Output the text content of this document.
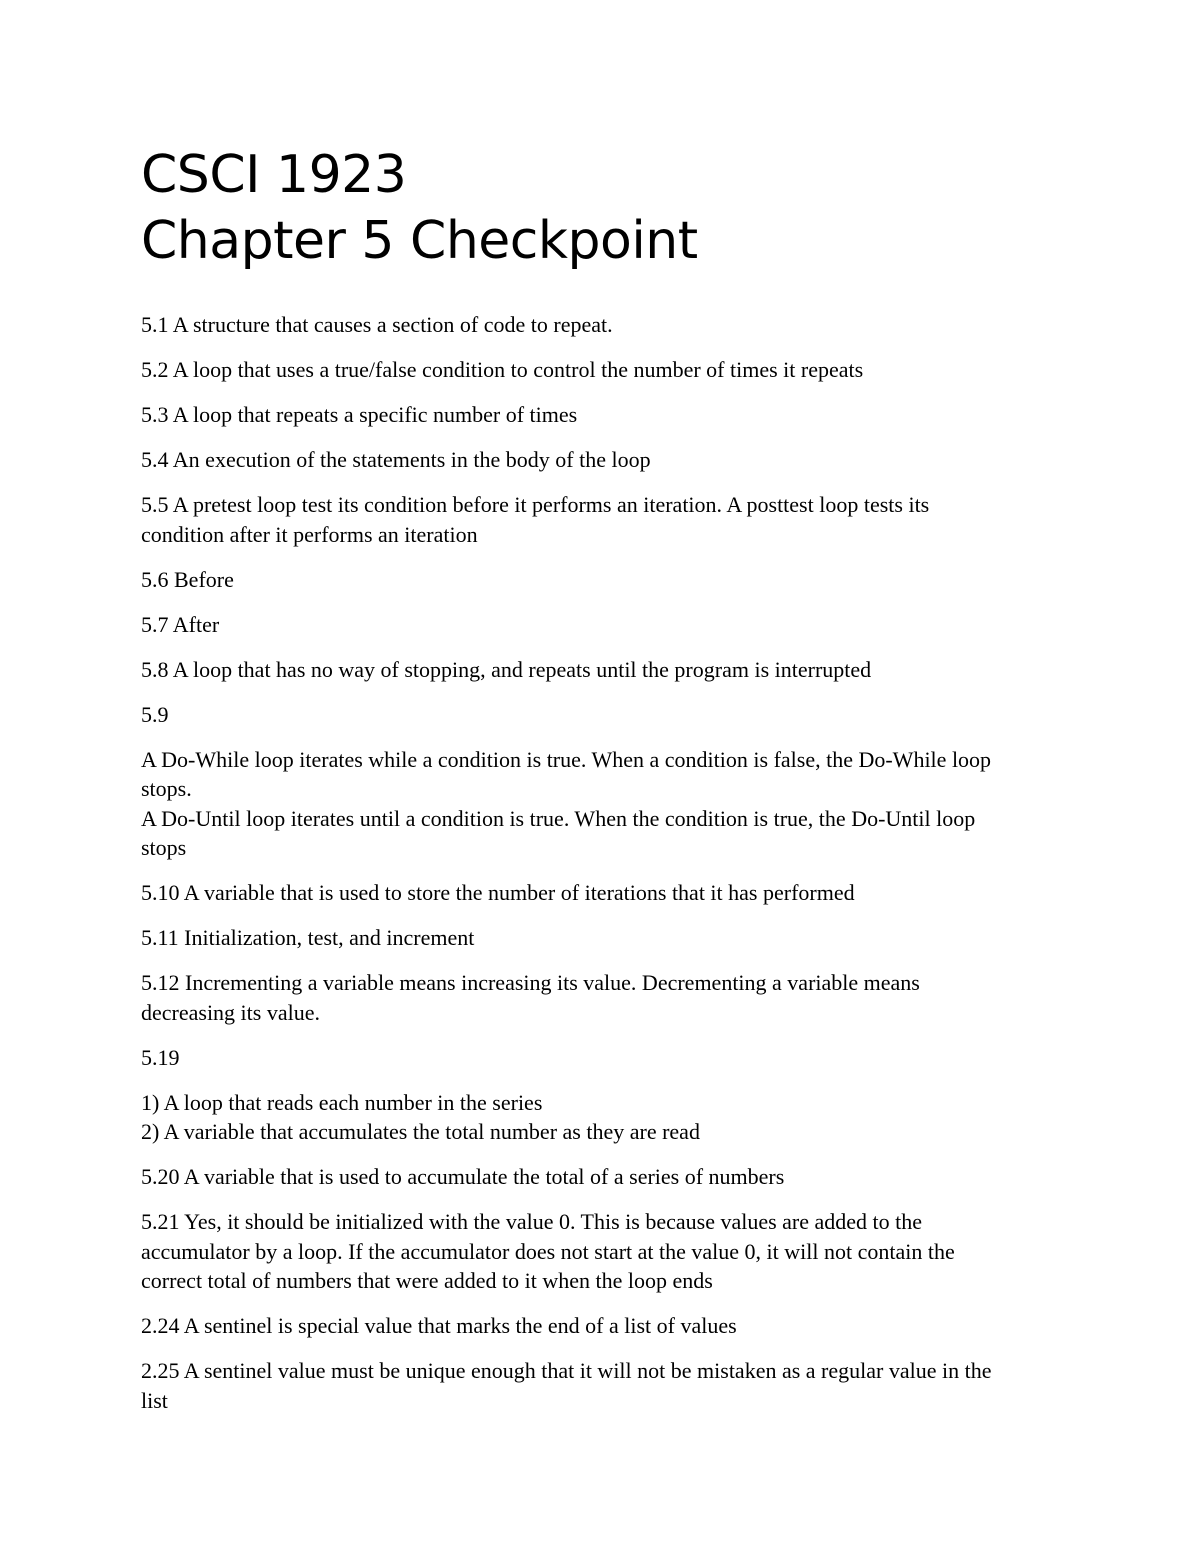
CSCI 1923
Chapter 5 Checkpoint

5.1 A structure that causes a section of code to repeat.

5.2 A loop that uses a true/false condition to control the number of times it repeats

5.3 A loop that repeats a specific number of times

5.4 An execution of the statements in the body of the loop

5.5 A pretest loop test its condition before it performs an iteration. A posttest loop tests its
condition after it performs an iteration

5.6 Before

5.7 After

5.8 A loop that has no way of stopping, and repeats until the program is interrupted

5.9

A Do-While loop iterates while a condition is true. When a condition is false, the Do-While loop
stops.
A Do-Until loop iterates until a condition is true. When the condition is true, the Do-Until loop
stops

5.10 A variable that is used to store the number of iterations that it has performed

5.11 Initialization, test, and increment

5.12 Incrementing a variable means increasing its value. Decrementing a variable means
decreasing its value.

5.19

1) A loop that reads each number in the series
2) A variable that accumulates the total number as they are read

5.20 A variable that is used to accumulate the total of a series of numbers

5.21 Yes, it should be initialized with the value 0. This is because values are added to the
accumulator by a loop. If the accumulator does not start at the value 0, it will not contain the
correct total of numbers that were added to it when the loop ends

2.24 A sentinel is special value that marks the end of a list of values

2.25 A sentinel value must be unique enough that it will not be mistaken as a regular value in the
list
